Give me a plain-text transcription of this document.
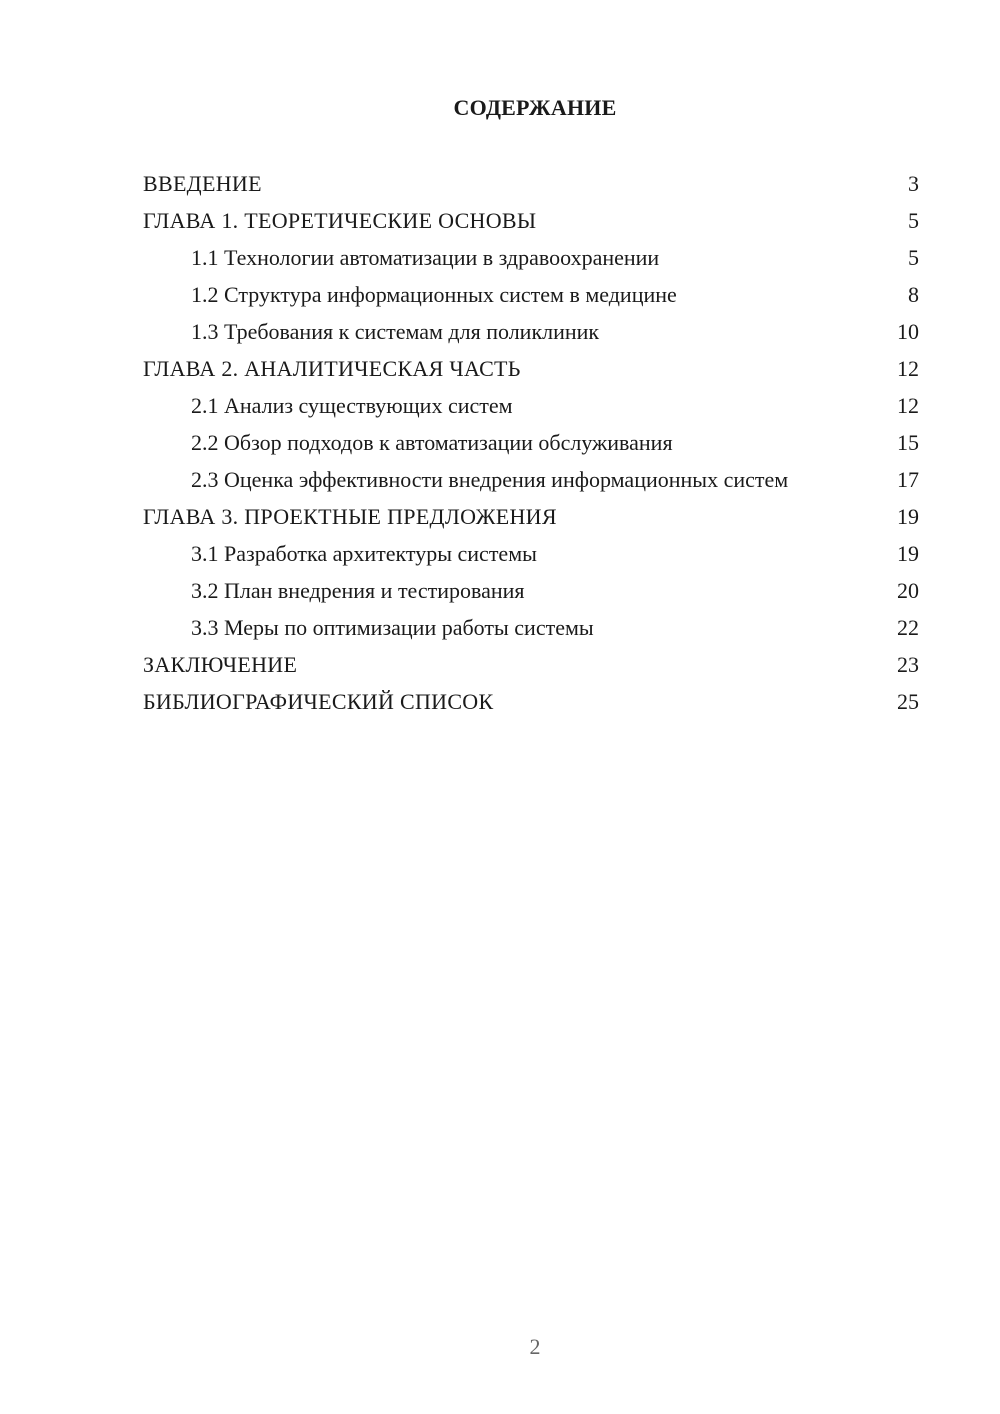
СОДЕРЖАНИЕ
ВВЕДЕНИЕ	3
ГЛАВА 1. ТЕОРЕТИЧЕСКИЕ ОСНОВЫ	5
1.1 Технологии автоматизации в здравоохранении	5
1.2 Структура информационных систем в медицине	8
1.3 Требования к системам для поликлиник	10
ГЛАВА 2. АНАЛИТИЧЕСКАЯ ЧАСТЬ	12
2.1 Анализ существующих систем	12
2.2 Обзор подходов к автоматизации обслуживания	15
2.3 Оценка эффективности внедрения информационных систем	17
ГЛАВА 3. ПРОЕКТНЫЕ ПРЕДЛОЖЕНИЯ	19
3.1 Разработка архитектуры системы	19
3.2 План внедрения и тестирования	20
3.3 Меры по оптимизации работы системы	22
ЗАКЛЮЧЕНИЕ	23
БИБЛИОГРАФИЧЕСКИЙ СПИСОК	25
2
